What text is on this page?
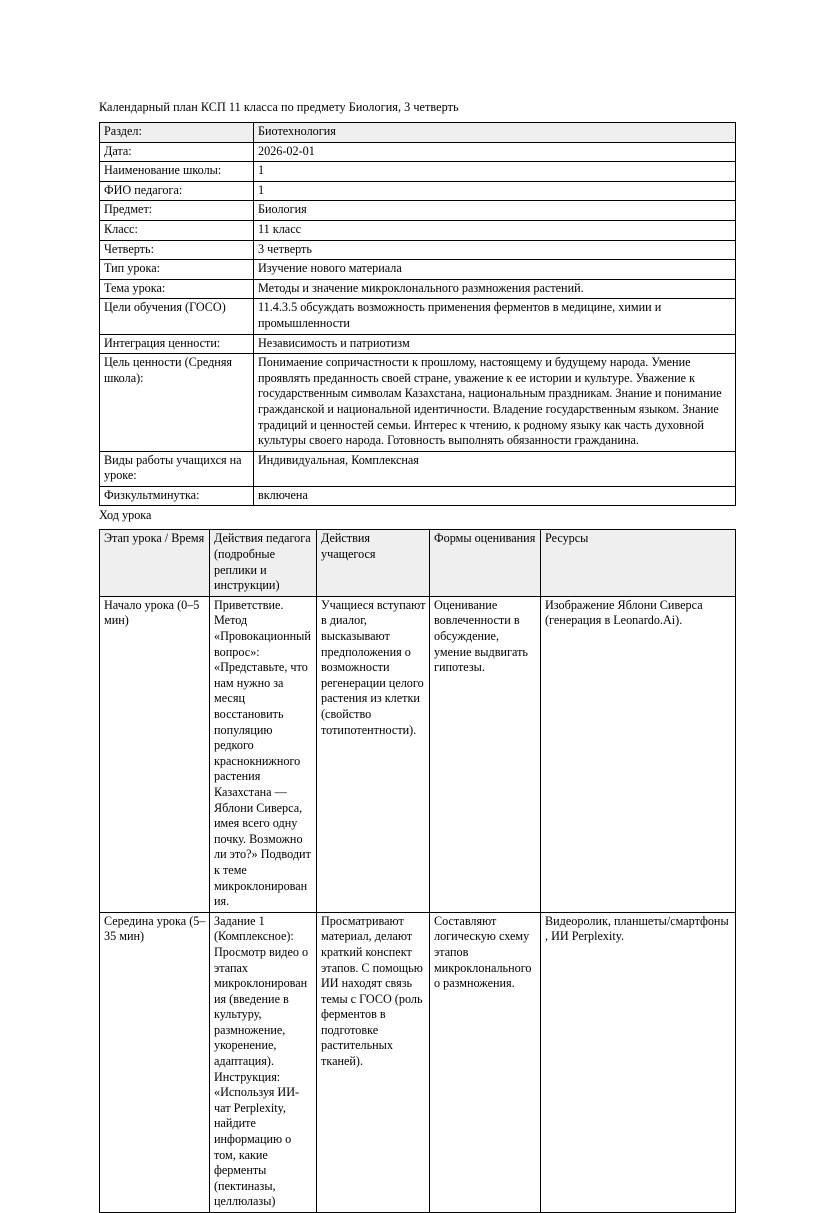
Календарный план КСП 11 класса по предмету Биология, 3 четверть
Раздел:	Биотехнология
Дата:	2026-02-01
Наименование школы:	1
ФИО педагога:	1
Предмет:	Биология
Класс:	11 класс
Четверть:	3 четверть
Тип урока:	Изучение нового материала
Тема урока:	Методы и значение микроклонального размножения растений.
Цели обучения (ГОСО)	11.4.3.5 обсуждать возможность применения ферментов в медицине, химии и промышленности
Интеграция ценности:	Независимость и патриотизм
Цель ценности (Средняя школа):	Понимаение сопричастности к прошлому, настоящему и будущему народа. Умение проявлять преданность своей стране, уважение к ее истории и культуре. Уважение к государственным символам Казахстана, национальным праздникам. Знание и понимание гражданской и национальной идентичности. Владение государственным языком. Знание традиций и ценностей семьи. Интерес к чтению, к родному языку как часть духовной культуры своего народа. Готовность выполнять обязанности гражданина.
Виды работы учащихся на уроке:	Индивидуальная, Комплексная
Физкультминутка:	включена
Ход урока
Этап урока / Время	Действия педагога (подробные реплики и инструкции)	Действия учащегося	Формы оценивания	Ресурсы
Начало урока (0–5 мин)	Приветствие. Метод «Провокационный вопрос»: «Представьте, что нам нужно за месяц восстановить популяцию редкого краснокнижного растения Казахстана — Яблони Сиверса, имея всего одну почку. Возможно ли это?» Подводит к теме микроклонирования.	Учащиеся вступают в диалог, высказывают предположения о возможности регенерации целого растения из клетки (свойство тотипотентности).	Оценивание вовлеченности в обсуждение, умение выдвигать гипотезы.	Изображение Яблони Сиверса (генерация в Leonardo.Ai).
Середина урока (5–35 мин)	Задание 1 (Комплексное): Просмотр видео о этапах микроклонирования (введение в культуру, размножение, укоренение, адаптация). Инструкция: «Используя ИИ-чат Perplexity, найдите информацию о том, какие ферменты (пектиназы, целлюлазы)	Просматривают материал, делают краткий конспект этапов. С помощью ИИ находят связь темы с ГОСО (роль ферментов в подготовке растительных тканей).	Составляют логическую схему этапов микроклонального о размножения.	Видеоролик, планшеты/смартфоны , ИИ Perplexity.
